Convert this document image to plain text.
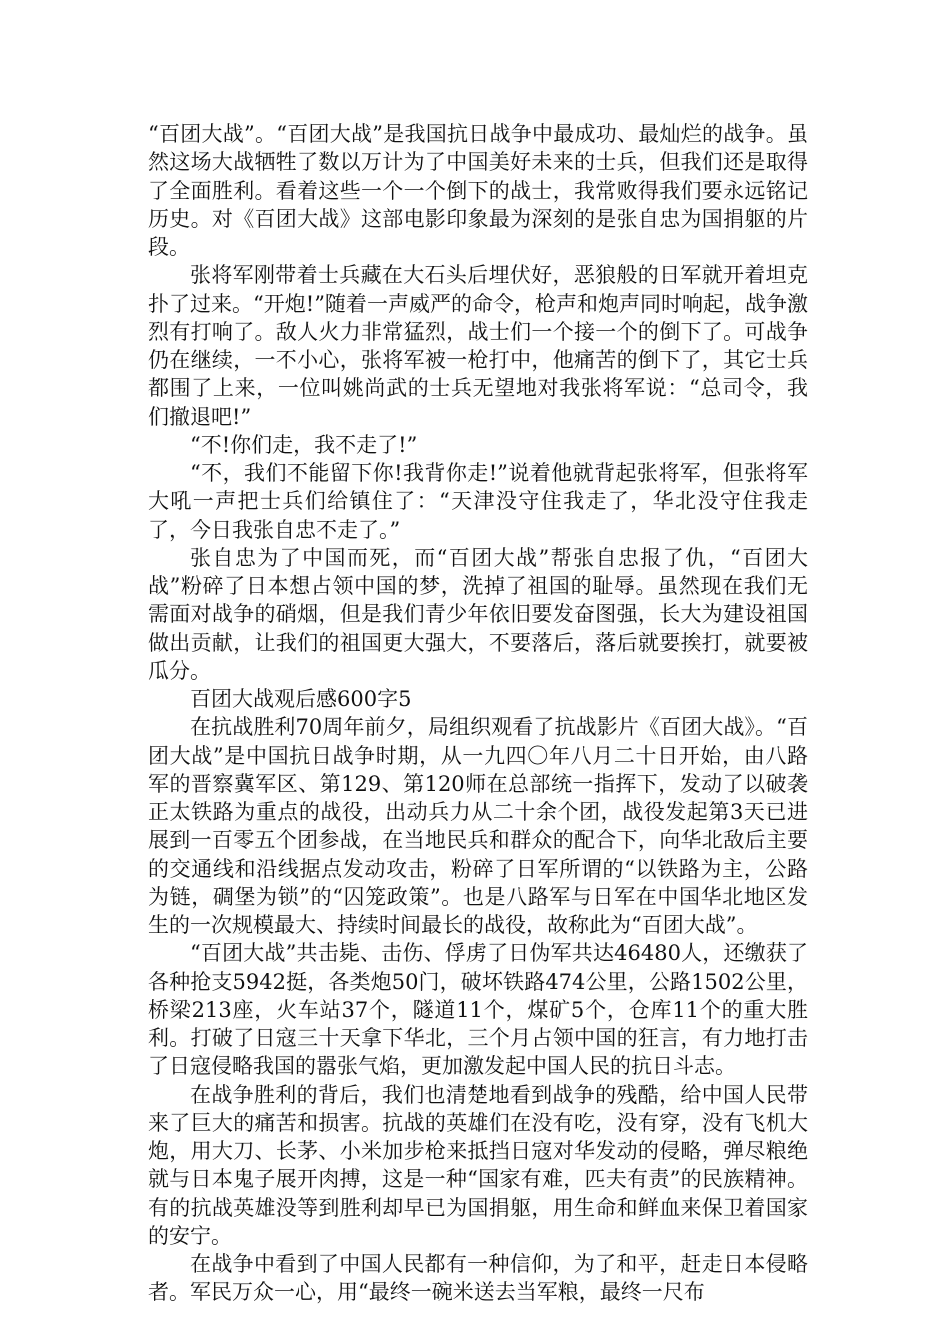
“百团大战”。“百团大战”是我国抗日战争中最成功、最灿烂的战争。虽然这场大战牺牲了数以万计为了中国美好未来的士兵，但我们还是取得了全面胜利。看着这些一个一个倒下的战士，我常败得我们要永远铭记历史。对《百团大战》这部电影印象最为深刻的是张自忠为国捐躯的片段。

张将军刚带着士兵藏在大石头后埋伏好，恶狼般的日军就开着坦克扑了过来。“开炮!”随着一声威严的命令，枪声和炮声同时响起，战争激烈有打响了。敌人火力非常猛烈，战士们一个接一个的倒下了。可战争仍在继续，一不小心，张将军被一枪打中，他痛苦的倒下了，其它士兵都围了上来，一位叫姚尚武的士兵无望地对我张将军说：“总司令，我们撤退吧!”

“不!你们走，我不走了!”

“不，我们不能留下你!我背你走!”说着他就背起张将军，但张将军大吼一声把士兵们给镇住了：“天津没守住我走了，华北没守住我走了，今日我张自忠不走了。”

张自忠为了中国而死，而“百团大战”帮张自忠报了仇，“百团大战”粉碎了日本想占领中国的梦，洗掉了祖国的耻辱。虽然现在我们无需面对战争的硝烟，但是我们青少年依旧要发奋图强，长大为建设祖国做出贡献，让我们的祖国更大强大，不要落后，落后就要挨打，就要被瓜分。

百团大战观后感600字5

在抗战胜利70周年前夕，局组织观看了抗战影片《百团大战》。“百团大战”是中国抗日战争时期，从一九四〇年八月二十日开始，由八路军的晋察冀军区、第129、第120师在总部统一指挥下，发动了以破袭正太铁路为重点的战役，出动兵力从二十余个团，战役发起第3天已进展到一百零五个团参战，在当地民兵和群众的配合下，向华北敌后主要的交通线和沿线据点发动攻击，粉碎了日军所谓的“以铁路为主，公路为链，碉堡为锁”的“囚笼政策”。也是八路军与日军在中国华北地区发生的一次规模最大、持续时间最长的战役，故称此为“百团大战”。

“百团大战”共击毙、击伤、俘虏了日伪军共达46480人，还缴获了各种抢支5942挺，各类炮50门，破坏铁路474公里，公路1502公里，桥梁213座，火车站37个，隧道11个，煤矿5个，仓库11个的重大胜利。打破了日寇三十天拿下华北，三个月占领中国的狂言，有力地打击了日寇侵略我国的嚣张气焰，更加激发起中国人民的抗日斗志。

在战争胜利的背后，我们也清楚地看到战争的残酷，给中国人民带来了巨大的痛苦和损害。抗战的英雄们在没有吃，没有穿，没有飞机大炮，用大刀、长茅、小米加步枪来抵挡日寇对华发动的侵略，弹尽粮绝就与日本鬼子展开肉搏，这是一种“国家有难，匹夫有责”的民族精神。有的抗战英雄没等到胜利却早已为国捐躯，用生命和鲜血来保卫着国家的安宁。

在战争中看到了中国人民都有一种信仰，为了和平，赶走日本侵略者。军民万众一心，用“最终一碗米送去当军粮，最终一尺布
